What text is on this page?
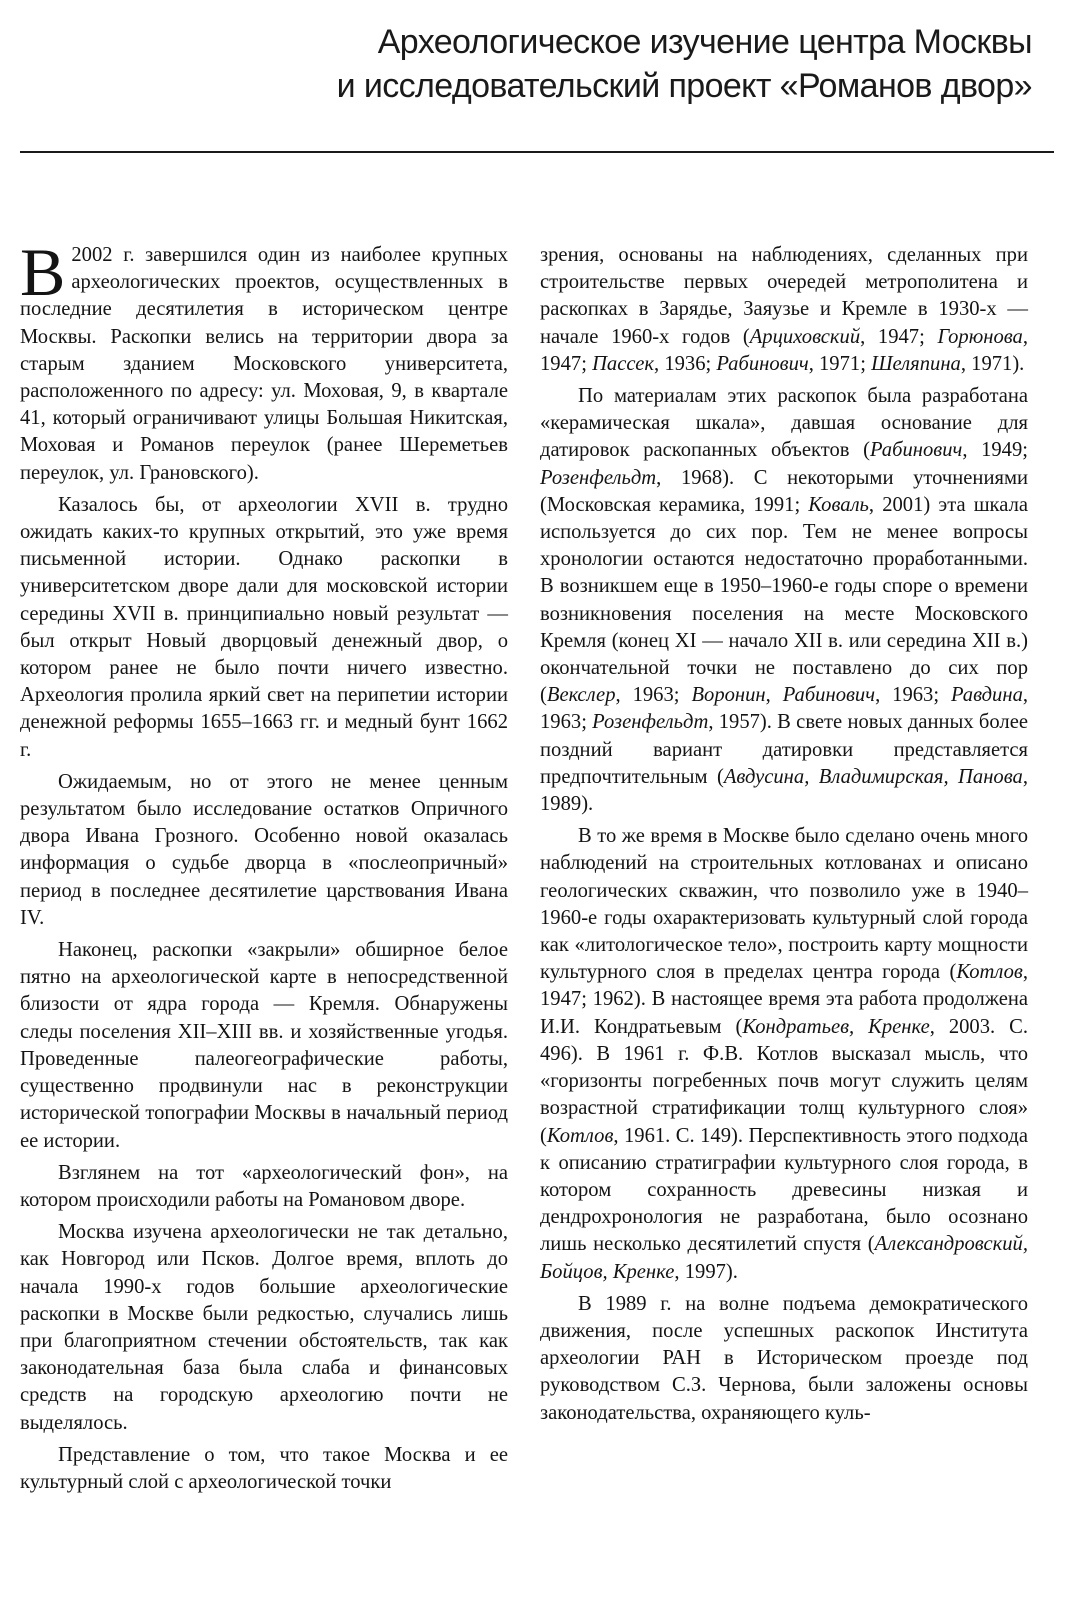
Археологическое изучение центра Москвы
и исследовательский проект «Романов двор»

В 2002 г. завершился один из наиболее крупных археологических проектов, осуществленных в последние десятилетия в историческом центре Москвы. Раскопки велись на территории двора за старым зданием Московского университета, расположенного по адресу: ул. Моховая, 9, в квартале 41, который ограничивают улицы Большая Никитская, Моховая и Романов переулок (ранее Шереметьев переулок, ул. Грановского).

Казалось бы, от археологии XVII в. трудно ожидать каких-то крупных открытий, это уже время письменной истории. Однако раскопки в университетском дворе дали для московской истории середины XVII в. принципиально новый результат — был открыт Новый дворцовый денежный двор, о котором ранее не было почти ничего известно. Археология пролила яркий свет на перипетии истории денежной реформы 1655–1663 гг. и медный бунт 1662 г.

Ожидаемым, но от этого не менее ценным результатом было исследование остатков Опричного двора Ивана Грозного. Особенно новой оказалась информация о судьбе дворца в «послеопричный» период в последнее десятилетие царствования Ивана IV.

Наконец, раскопки «закрыли» обширное белое пятно на археологической карте в непосредственной близости от ядра города — Кремля. Обнаружены следы поселения XII–XIII вв. и хозяйственные угодья. Проведенные палеогеографические работы, существенно продвинули нас в реконструкции исторической топографии Москвы в начальный период ее истории.

Взглянем на тот «археологический фон», на котором происходили работы на Романовом дворе.

Москва изучена археологически не так детально, как Новгород или Псков. Долгое время, вплоть до начала 1990-х годов большие археологические раскопки в Москве были редкостью, случались лишь при благоприятном стечении обстоятельств, так как законодательная база была слаба и финансовых средств на городскую археологию почти не выделялось.

Представление о том, что такое Москва и ее культурный слой с археологической точки

зрения, основаны на наблюдениях, сделанных при строительстве первых очередей метрополитена и раскопках в Зарядье, Заяузье и Кремле в 1930-х — начале 1960-х годов (Арциховский, 1947; Горюнова, 1947; Пассек, 1936; Рабинович, 1971; Шеляпина, 1971).

По материалам этих раскопок была разработана «керамическая шкала», давшая основание для датировок раскопанных объектов (Рабинович, 1949; Розенфельдт, 1968). С некоторыми уточнениями (Московская керамика, 1991; Коваль, 2001) эта шкала используется до сих пор. Тем не менее вопросы хронологии остаются недостаточно проработанными. В возникшем еще в 1950–1960-е годы споре о времени возникновения поселения на месте Московского Кремля (конец XI — начало XII в. или середина XII в.) окончательной точки не поставлено до сих пор (Векслер, 1963; Воронин, Рабинович, 1963; Равдина, 1963; Розенфельдт, 1957). В свете новых данных более поздний вариант датировки представляется предпочтительным (Авдусина, Владимирская, Панова, 1989).

В то же время в Москве было сделано очень много наблюдений на строительных котлованах и описано геологических скважин, что позволило уже в 1940–1960-е годы охарактеризовать культурный слой города как «литологическое тело», построить карту мощности культурного слоя в пределах центра города (Котлов, 1947; 1962). В настоящее время эта работа продолжена И.И. Кондратьевым (Кондратьев, Кренке, 2003. С. 496). В 1961 г. Ф.В. Котлов высказал мысль, что «горизонты погребенных почв могут служить целям возрастной стратификации толщ культурного слоя» (Котлов, 1961. С. 149). Перспективность этого подхода к описанию стратиграфии культурного слоя города, в котором сохранность древесины низкая и дендрохронология не разработана, было осознано лишь несколько десятилетий спустя (Александровский, Бойцов, Кренке, 1997).

В 1989 г. на волне подъема демократического движения, после успешных раскопок Института археологии РАН в Историческом проезде под руководством С.З. Чернова, были заложены основы законодательства, охраняющего куль-
